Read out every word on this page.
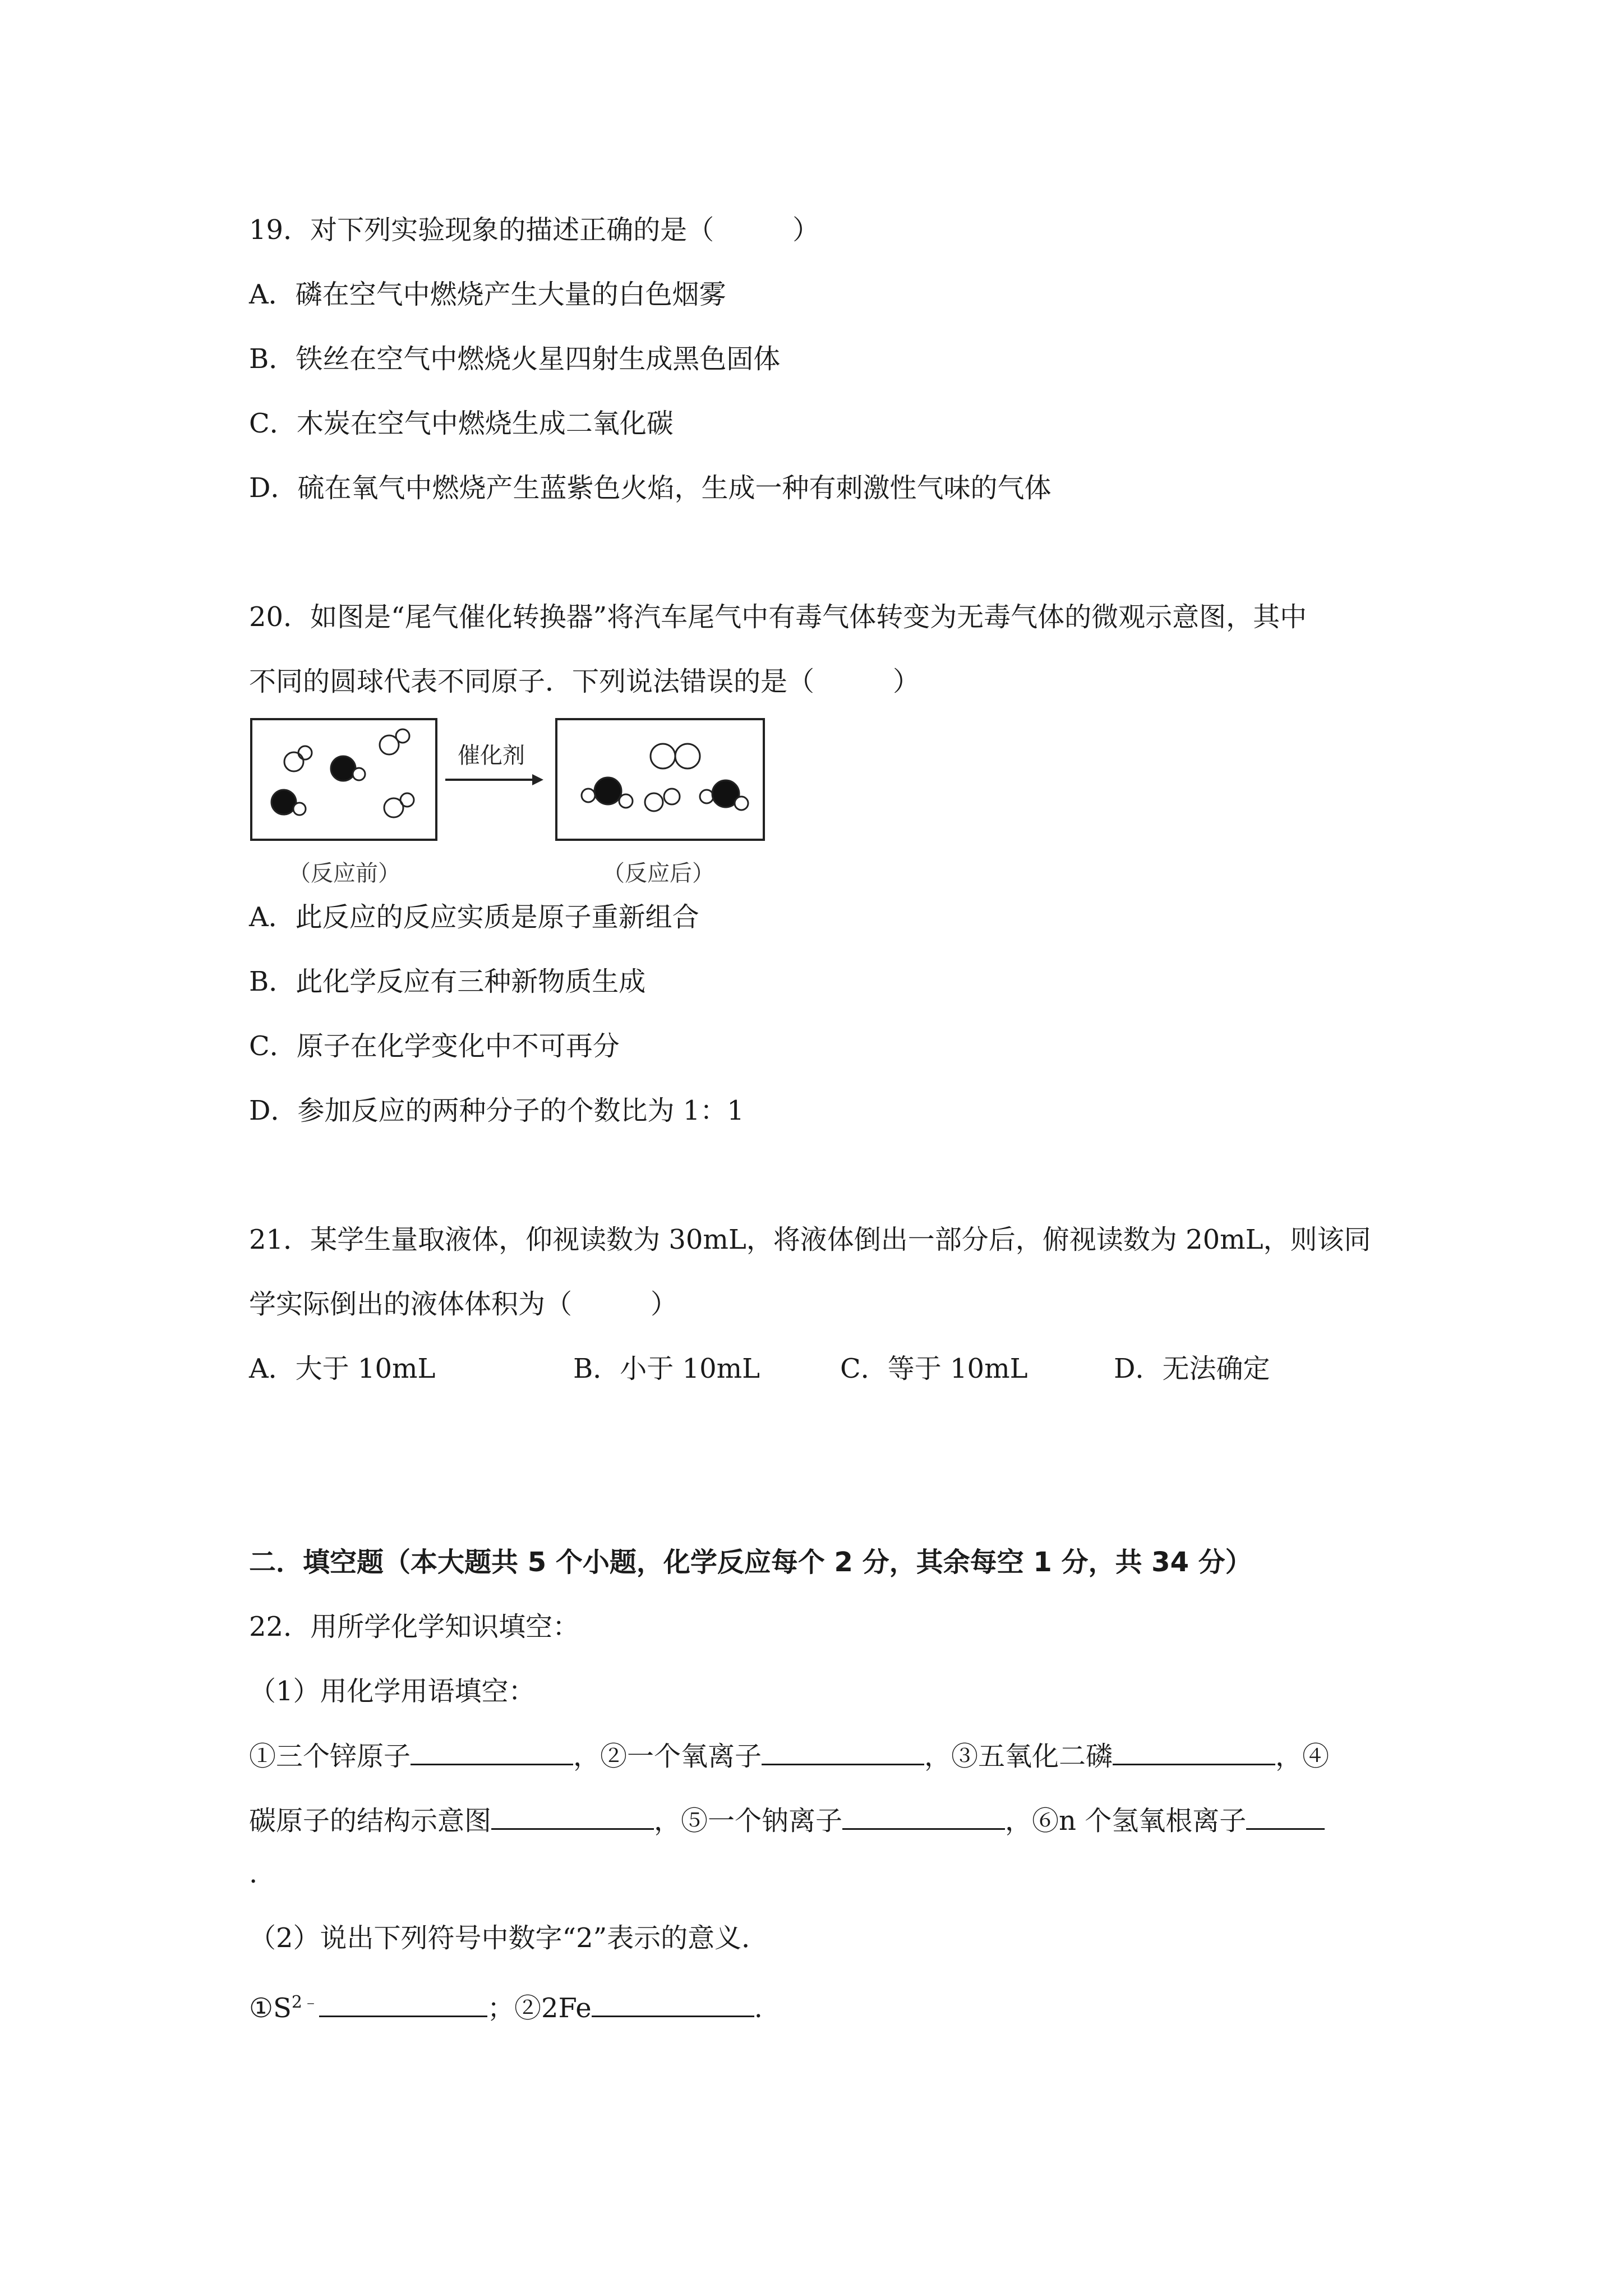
19．对下列实验现象的描述正确的是（	）
A．磷在空气中燃烧产生大量的白色烟雾
B．铁丝在空气中燃烧火星四射生成黑色固体
C．木炭在空气中燃烧生成二氧化碳
D．硫在氧气中燃烧产生蓝紫色火焰，生成一种有刺激性气味的气体
20．如图是“尾气催化转换器”将汽车尾气中有毒气体转变为无毒气体的微观示意图，其中
不同的圆球代表不同原子．下列说法错误的是（	）
催化剂
（反应前）	（反应后）
A．此反应的反应实质是原子重新组合
B．此化学反应有三种新物质生成
C．原子在化学变化中不可再分
D．参加反应的两种分子的个数比为 1：1
21．某学生量取液体，仰视读数为 30mL，将液体倒出一部分后，俯视读数为 20mL，则该同
学实际倒出的液体体积为（	）
A．大于 10mL	B．小于 10mL	C．等于 10mL	D．无法确定
二．填空题（本大题共 5 个小题，化学反应每个 2 分，其余每空 1 分，共 34 分）
22．用所学化学知识填空：
（1）用化学用语填空：
①三个锌原子	，②一个氧离子	，③五氧化二磷	，④
碳原子的结构示意图	，⑤一个钠离子	，⑥n 个氢氧根离子
.
（2）说出下列符号中数字“2”表示的意义．
$①S^{2﹣}$	；②2Fe	.
